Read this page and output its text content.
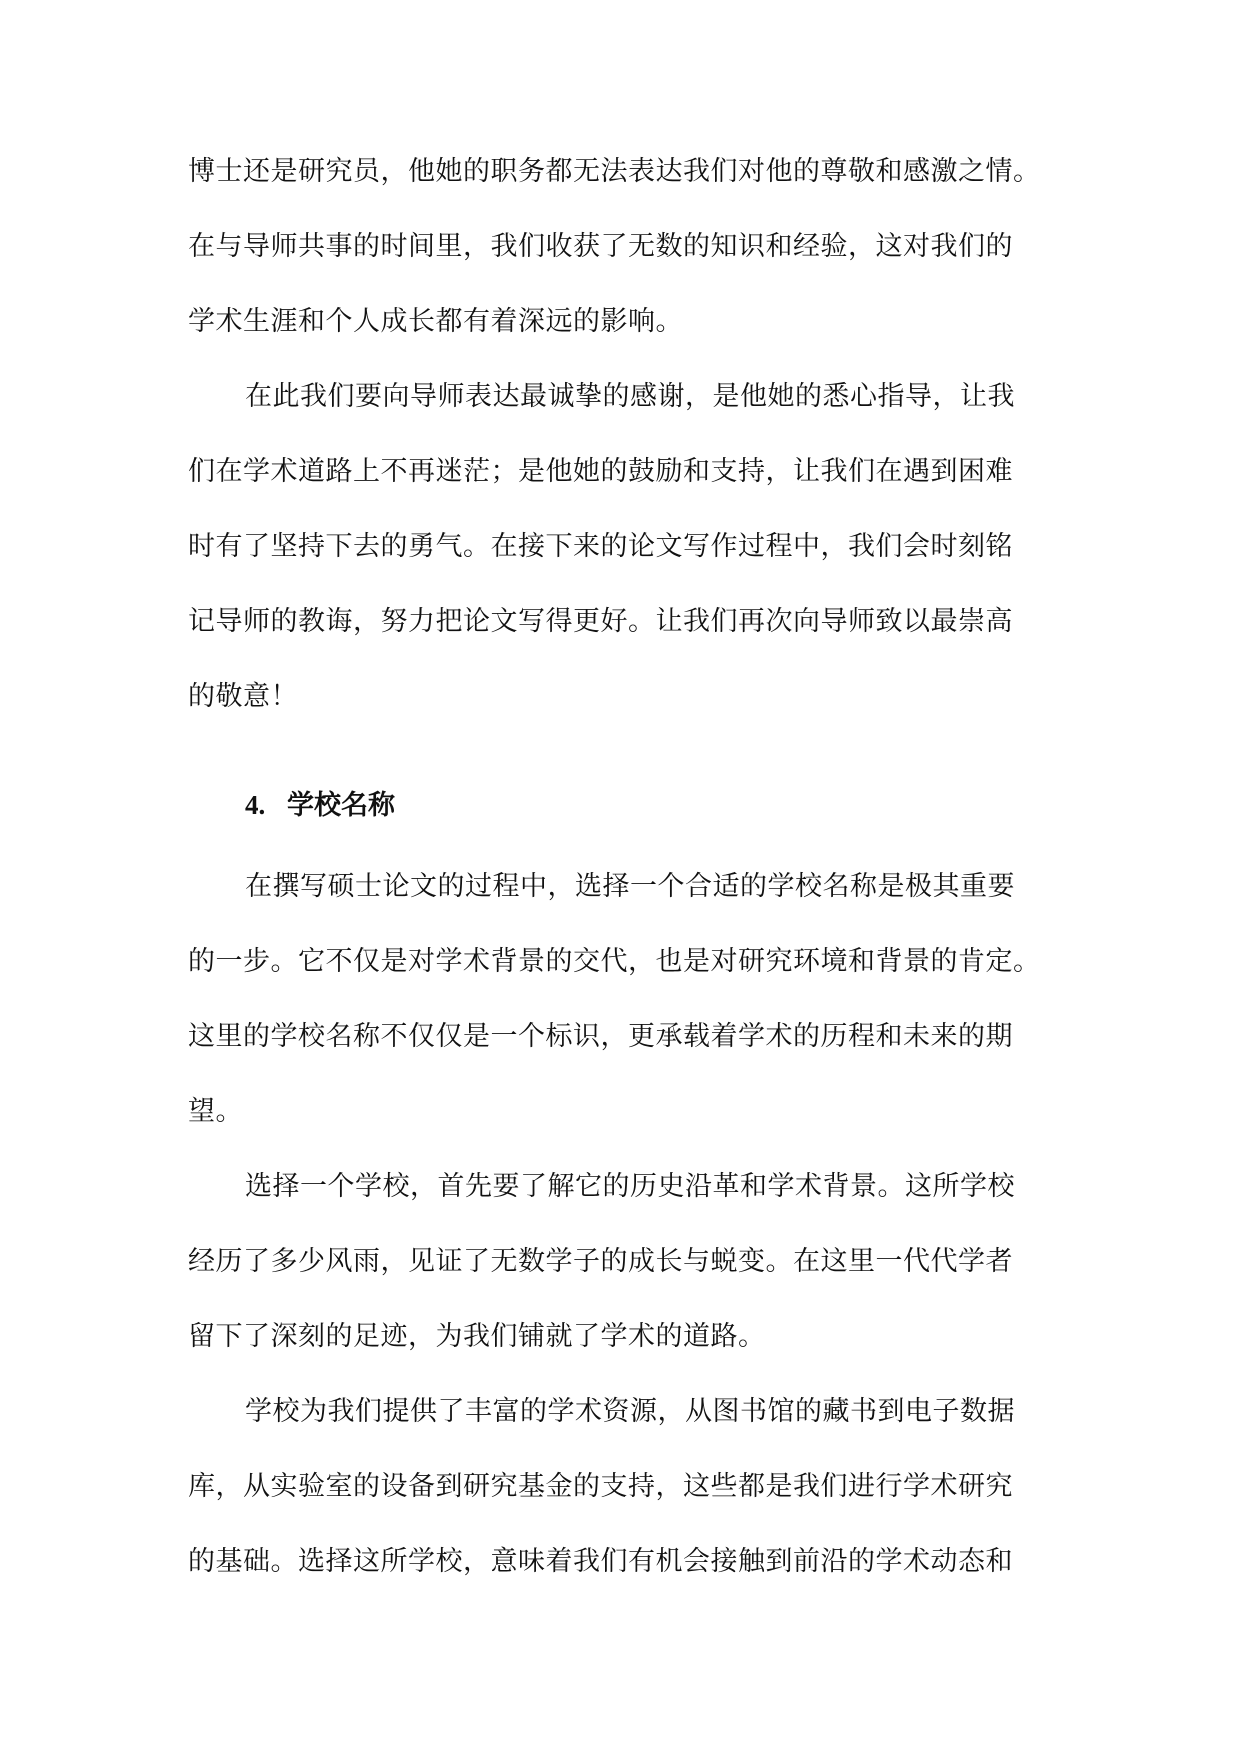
博士还是研究员，他她的职务都无法表达我们对他的尊敬和感激之情。
在与导师共事的时间里，我们收获了无数的知识和经验，这对我们的
学术生涯和个人成长都有着深远的影响。
在此我们要向导师表达最诚挚的感谢，是他她的悉心指导，让我
们在学术道路上不再迷茫；是他她的鼓励和支持，让我们在遇到困难
时有了坚持下去的勇气。在接下来的论文写作过程中，我们会时刻铭
记导师的教诲，努力把论文写得更好。让我们再次向导师致以最崇高
的敬意！
4. 学校名称
在撰写硕士论文的过程中，选择一个合适的学校名称是极其重要
的一步。它不仅是对学术背景的交代，也是对研究环境和背景的肯定。
这里的学校名称不仅仅是一个标识，更承载着学术的历程和未来的期
望。
选择一个学校，首先要了解它的历史沿革和学术背景。这所学校
经历了多少风雨，见证了无数学子的成长与蜕变。在这里一代代学者
留下了深刻的足迹，为我们铺就了学术的道路。
学校为我们提供了丰富的学术资源，从图书馆的藏书到电子数据
库，从实验室的设备到研究基金的支持，这些都是我们进行学术研究
的基础。选择这所学校，意味着我们有机会接触到前沿的学术动态和
